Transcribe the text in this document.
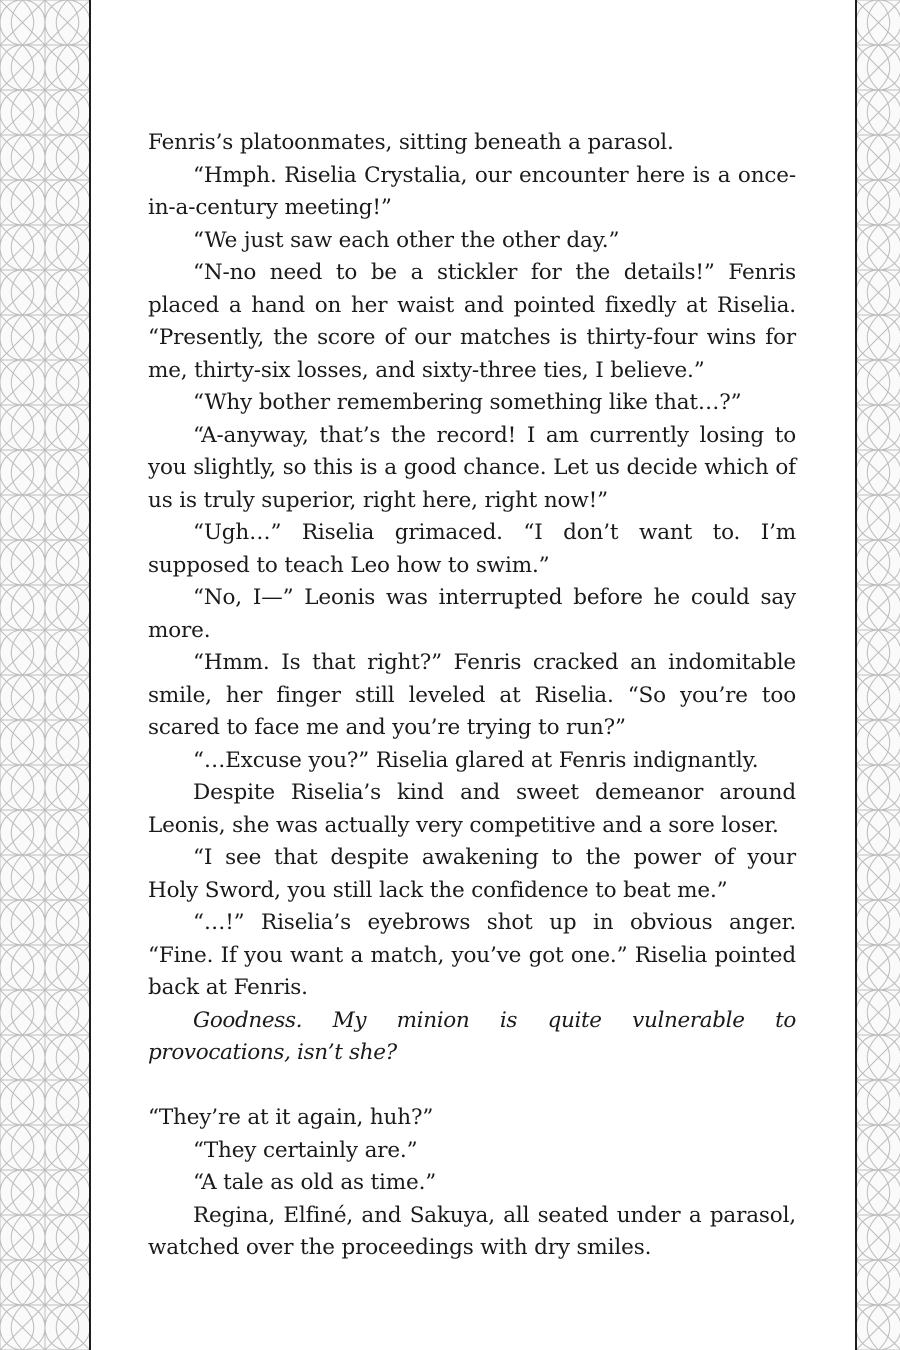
Fenris’s platoonmates, sitting beneath a parasol.

“Hmph. Riselia Crystalia, our encounter here is a once-in-a-century meeting!”

“We just saw each other the other day.”

“N-no need to be a stickler for the details!” Fenris placed a hand on her waist and pointed fixedly at Riselia. “Presently, the score of our matches is thirty-four wins for me, thirty-six losses, and sixty-three ties, I believe.”

“Why bother remembering something like that…?”

“A-anyway, that’s the record! I am currently losing to you slightly, so this is a good chance. Let us decide which of us is truly superior, right here, right now!”

“Ugh…” Riselia grimaced. “I don’t want to. I’m supposed to teach Leo how to swim.”

“No, I—” Leonis was interrupted before he could say more.

“Hmm. Is that right?” Fenris cracked an indomitable smile, her finger still leveled at Riselia. “So you’re too scared to face me and you’re trying to run?”

“…Excuse you?” Riselia glared at Fenris indignantly.

Despite Riselia’s kind and sweet demeanor around Leonis, she was actually very competitive and a sore loser.

“I see that despite awakening to the power of your Holy Sword, you still lack the confidence to beat me.”

“…!” Riselia’s eyebrows shot up in obvious anger. “Fine. If you want a match, you’ve got one.” Riselia pointed back at Fenris.

Goodness. My minion is quite vulnerable to provocations, isn’t she?

“They’re at it again, huh?”

“They certainly are.”

“A tale as old as time.”

Regina, Elfiné, and Sakuya, all seated under a parasol, watched over the proceedings with dry smiles.
